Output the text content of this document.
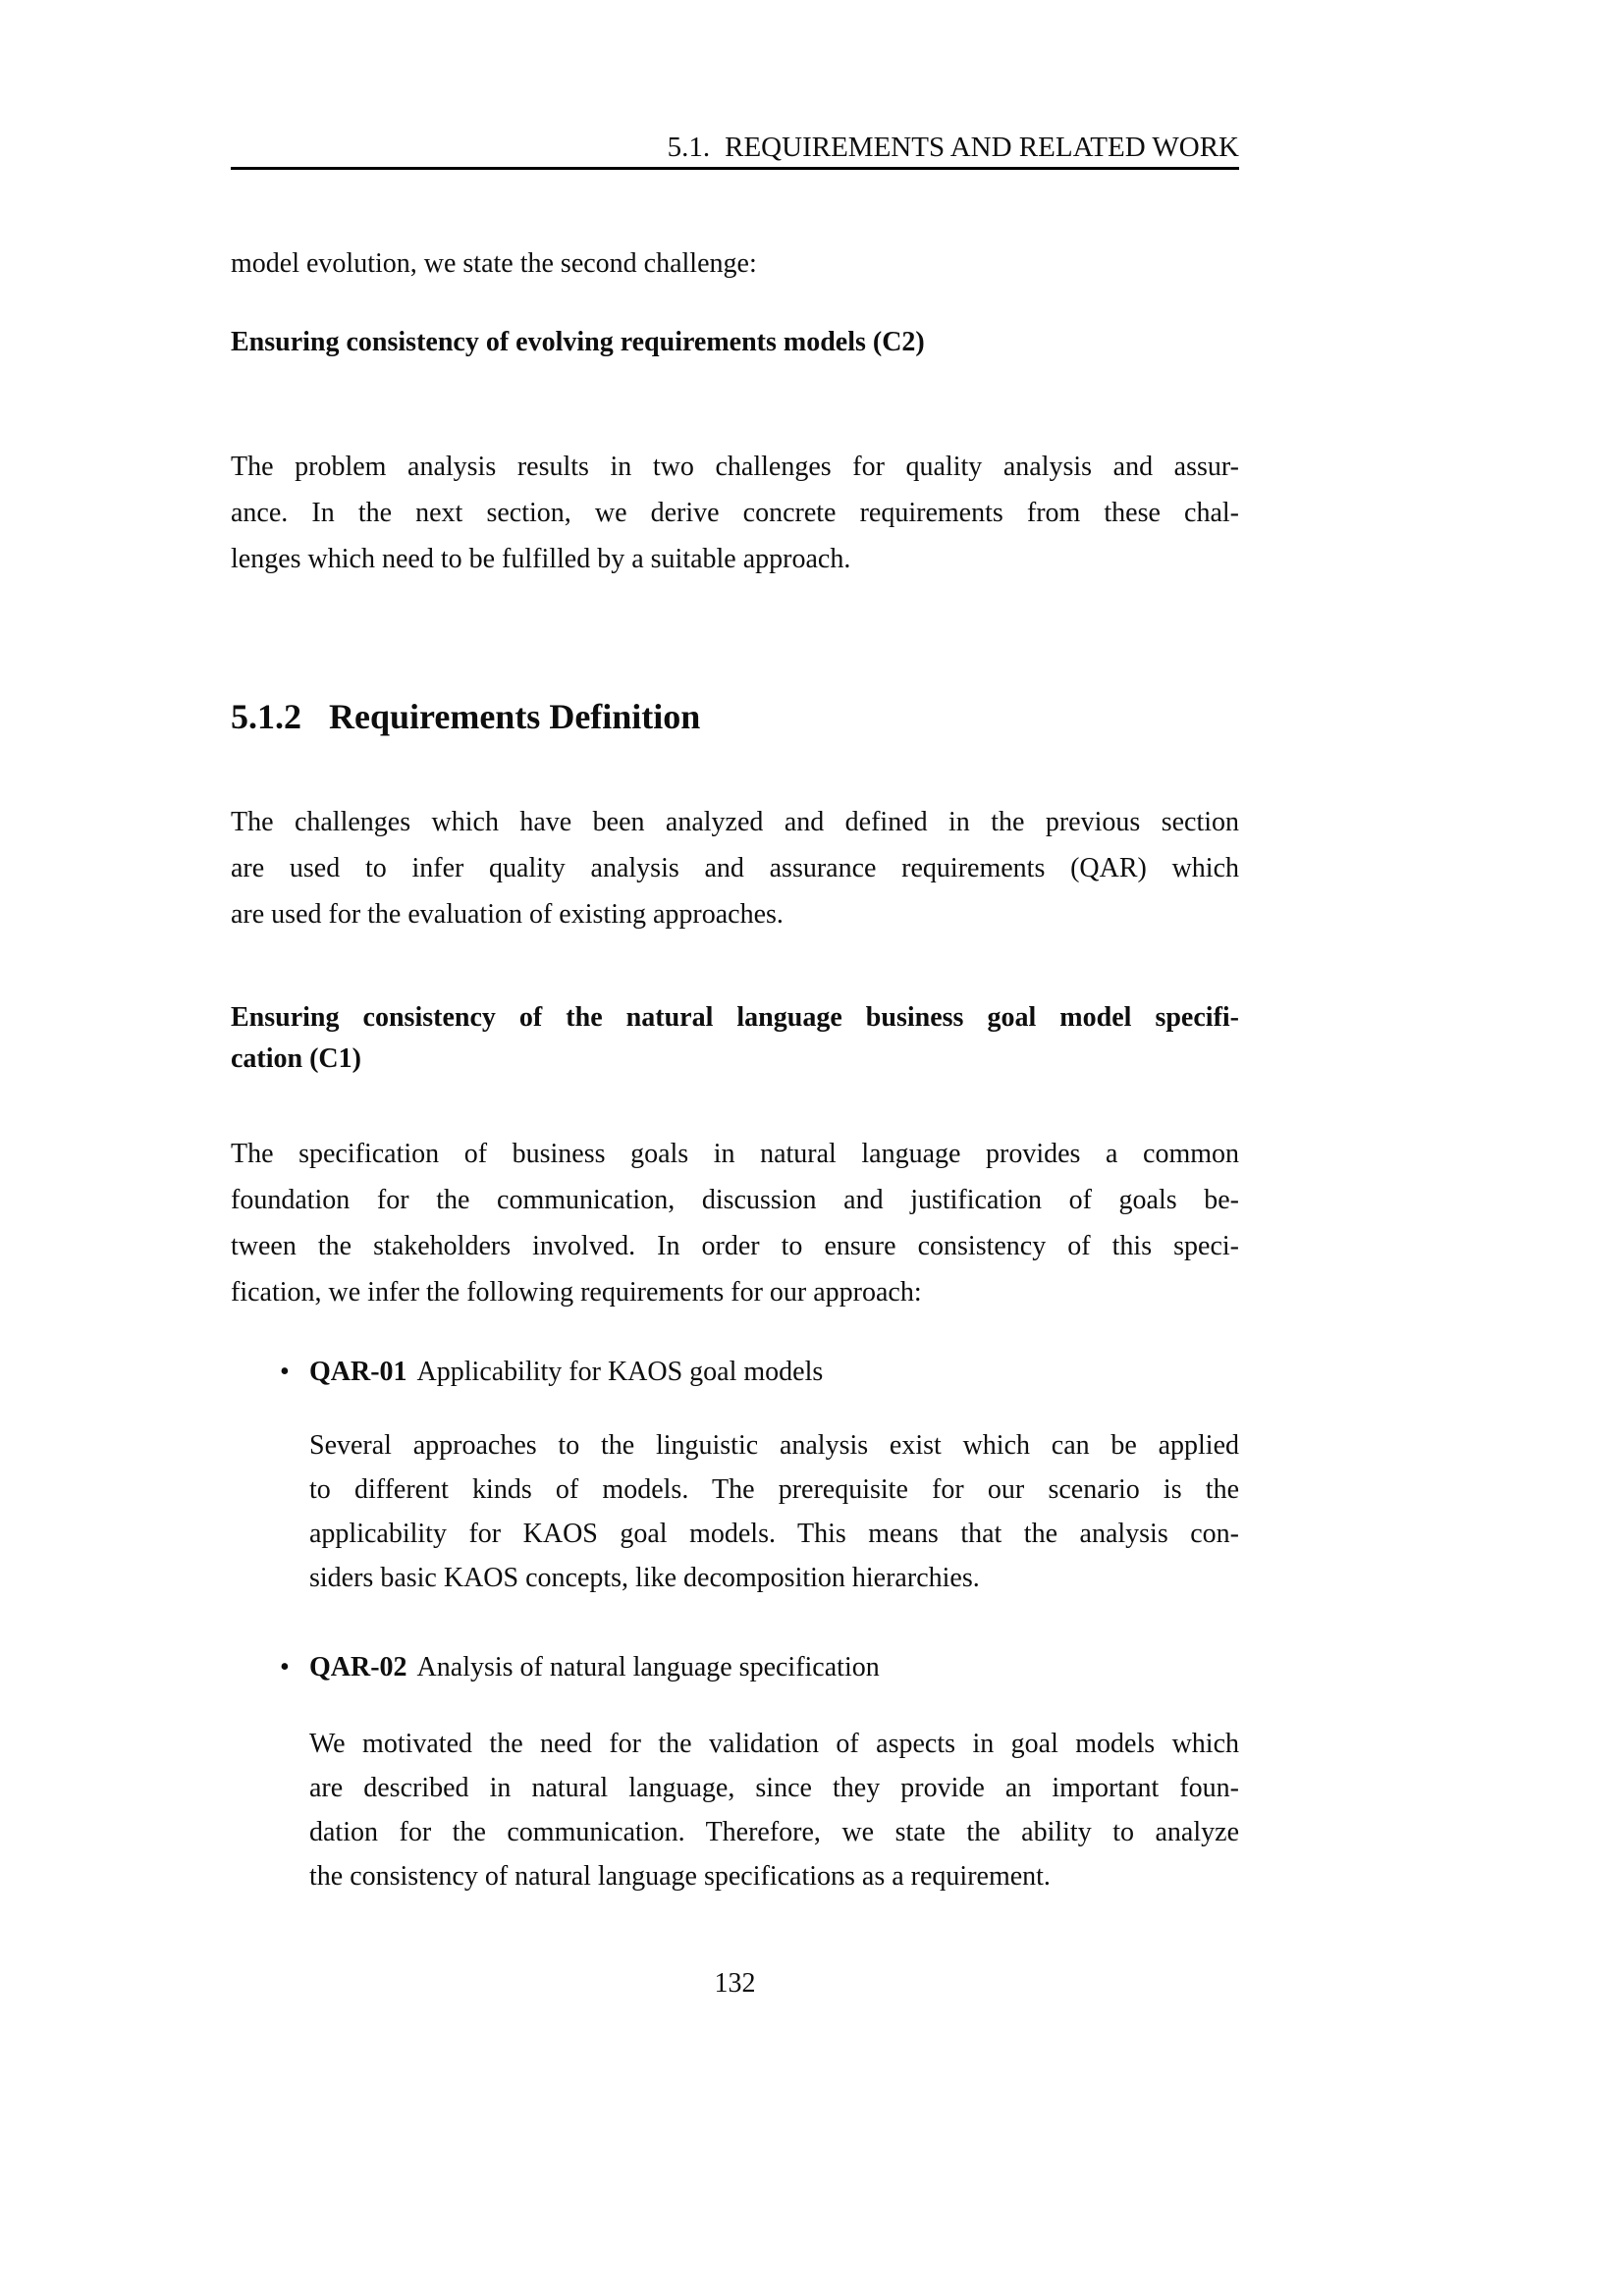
5.1. REQUIREMENTS AND RELATED WORK
model evolution, we state the second challenge:
Ensuring consistency of evolving requirements models (C2)
The problem analysis results in two challenges for quality analysis and assur-
ance. In the next section, we derive concrete requirements from these chal-
lenges which need to be fulfilled by a suitable approach.
5.1.2 Requirements Definition
The challenges which have been analyzed and defined in the previous section
are used to infer quality analysis and assurance requirements (QAR) which
are used for the evaluation of existing approaches.
Ensuring consistency of the natural language business goal model specifi-
cation (C1)
The specification of business goals in natural language provides a common
foundation for the communication, discussion and justification of goals be-
tween the stakeholders involved. In order to ensure consistency of this speci-
fication, we infer the following requirements for our approach:
• QAR-01 Applicability for KAOS goal models
Several approaches to the linguistic analysis exist which can be applied
to different kinds of models. The prerequisite for our scenario is the
applicability for KAOS goal models. This means that the analysis con-
siders basic KAOS concepts, like decomposition hierarchies.
• QAR-02 Analysis of natural language specification
We motivated the need for the validation of aspects in goal models which
are described in natural language, since they provide an important foun-
dation for the communication. Therefore, we state the ability to analyze
the consistency of natural language specifications as a requirement.
132
